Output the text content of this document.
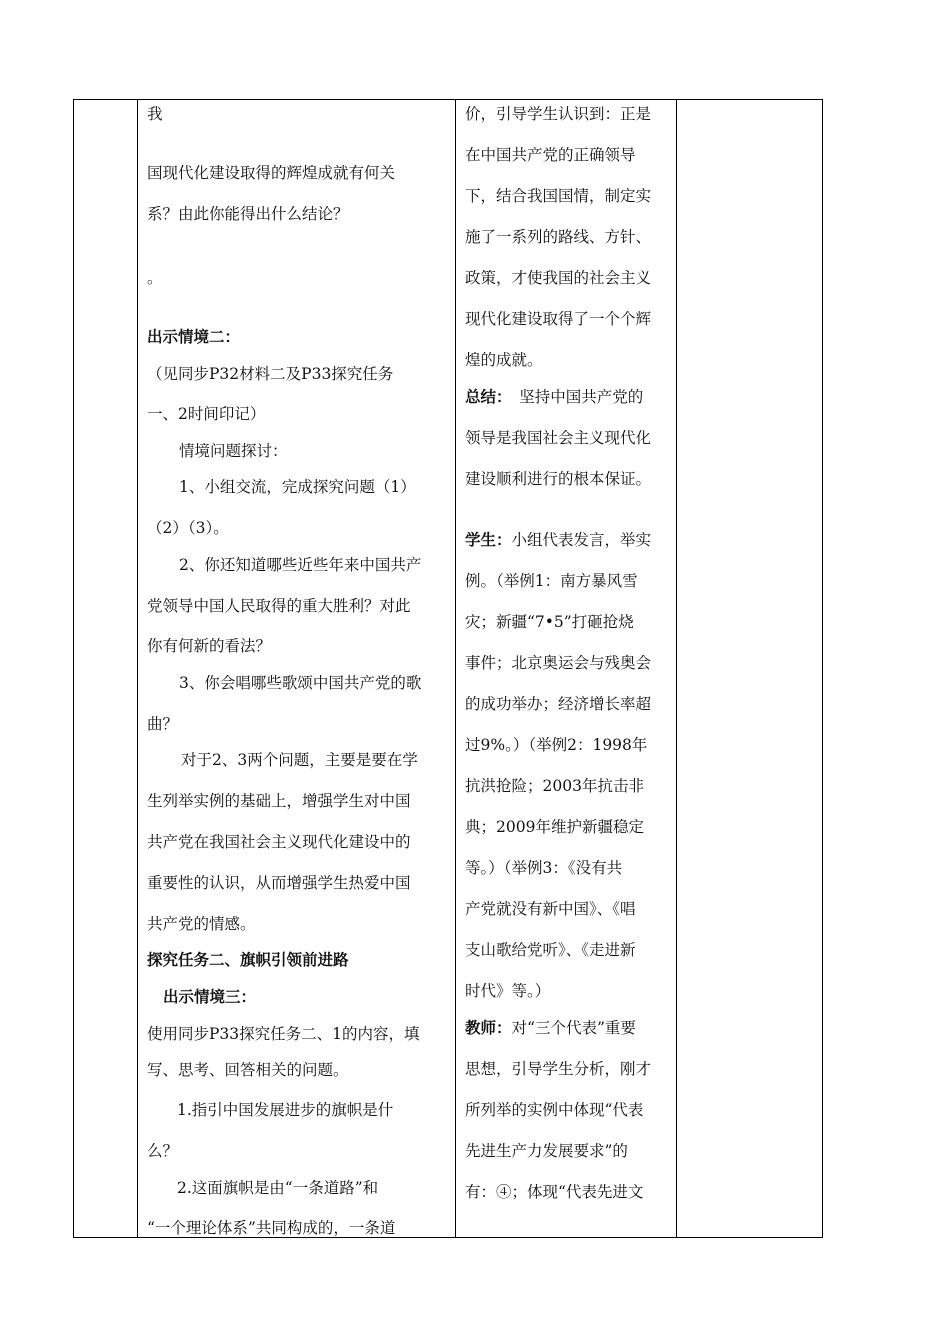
我
国现代化建设取得的辉煌成就有何关
系？由此你能得出什么结论？
。
出示情境二：
（见同步P32材料二及P33探究任务
一、2时间印记）
情境问题探讨：
1、小组交流，完成探究问题（1）
（2）（3）。
2、你还知道哪些近些年来中国共产
党领导中国人民取得的重大胜利？对此
你有何新的看法？
3、你会唱哪些歌颂中国共产党的歌
曲？
对于2、3两个问题，主要是要在学
生列举实例的基础上，增强学生对中国
共产党在我国社会主义现代化建设中的
重要性的认识，从而增强学生热爱中国
共产党的情感。
探究任务二、旗帜引领前进路
出示情境三：
使用同步P33探究任务二、1的内容，填
写、思考、回答相关的问题。
1.指引中国发展进步的旗帜是什
么？
2.这面旗帜是由“一条道路”和
“一个理论体系”共同构成的，一条道
价，引导学生认识到：正是
在中国共产党的正确领导
下，结合我国国情，制定实
施了一系列的路线、方针、
政策，才使我国的社会主义
现代化建设取得了一个个辉
煌的成就。
总结：　坚持中国共产党的
领导是我国社会主义现代化
建设顺利进行的根本保证。
学生：小组代表发言，举实
例。（举例1：南方暴风雪
灾；新疆“7•5”打砸抢烧
事件；北京奥运会与残奥会
的成功举办；经济增长率超
过9%。）（举例2：1998年
抗洪抢险；2003年抗击非
典；2009年维护新疆稳定
等。）（举例3：《没有共
产党就没有新中国》、《唱
支山歌给党听》、《走进新
时代》等。）
教师：对“三个代表”重要
思想，引导学生分析，刚才
所列举的实例中体现“代表
先进生产力发展要求”的
有：④；体现“代表先进文
